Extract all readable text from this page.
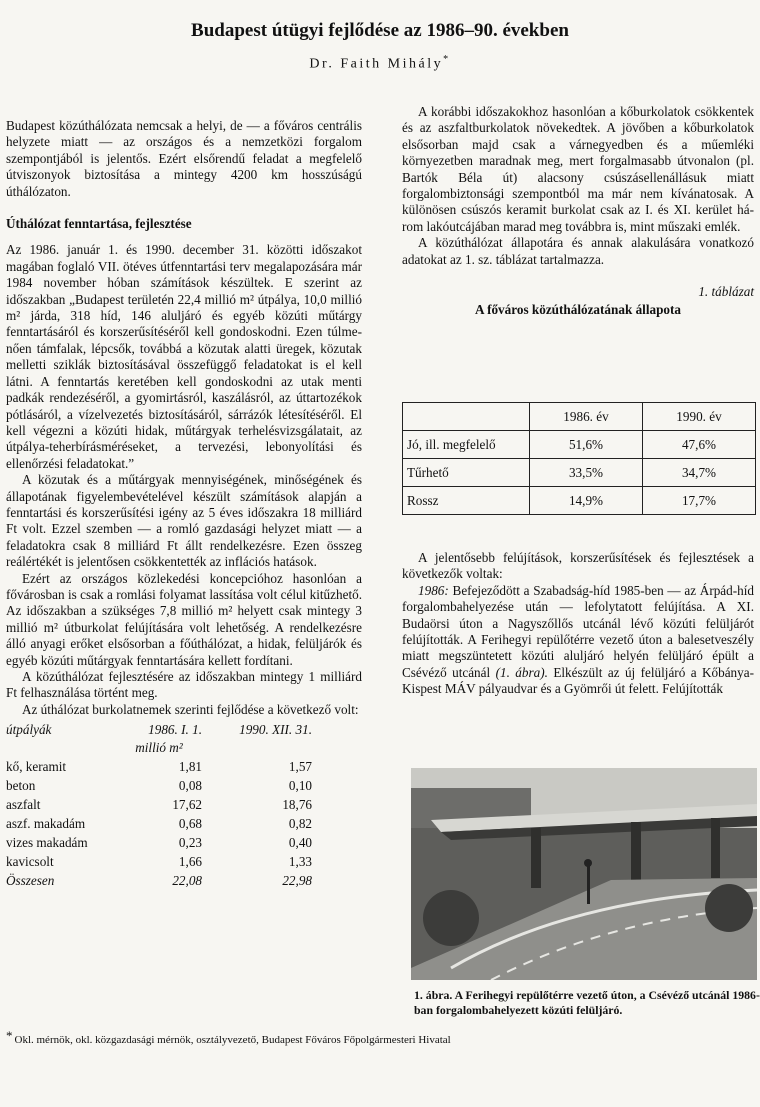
Budapest útügyi fejlődése az 1986–90. években
Dr. Faith Mihály*

Budapest közúthálózata nemcsak a helyi, de — a főváros centrális helyzete miatt — az országos és a nemzetközi forgalom szempontjából is jelentős. Ezért elsőrendű feladat a megfelelő útviszonyok biztosítása a mintegy 4200 km hosszúságú úthálózaton.

Úthálózat fenntartása, fejlesztése

Az 1986. január 1. és 1990. december 31. közötti időszakot magában foglaló VII. ötéves útfenntartási terv megalapozására már 1984 november hóban számítások készültek. E szerint az időszakban „Budapest területén 22,4 millió m² útpálya, 10,0 millió m² járda, 318 híd, 146 aluljáró és egyéb közúti műtárgy fenntartásáról és korszerűsítéséről kell gondoskodni. Ezen túlmenően támfalak, lépcsők, továbbá a közutak alatti üregek, közutak melletti sziklák biztosításával összefüggő feladatokat is el kell látni. A fenntartás keretében kell gondoskodni az utak menti padkák rendezéséről, a gyomirtásról, kaszálásról, az úttartozékok pótlásáról, a vízelvezetés biztosításáról, sárrázók létesítéséről. El kell végezni a közúti hidak, műtárgyak terhelésvizsgálatait, az útpálya-teherbírásméréseket, a tervezési, lebonyolítási és ellenőrzési feladatokat.”

A közutak és a műtárgyak mennyiségének, minőségének és állapotának figyelembevételével készült számítások alapján a fenntartási és korszerűsítési igény az 5 éves időszakra 18 milliárd Ft volt. Ezzel szemben — a romló gazdasági helyzet miatt — a feladatokra csak 8 milliárd Ft állt rendelkezésre. Ezen összeg reálértékét is jelentősen csökkentették az inflációs hatások.

Ezért az országos közlekedési koncepcióhoz hasonlóan a fővárosban is csak a romlási folyamat lassítása volt célul kitűzhető. Az időszakban a szükséges 7,8 millió m² helyett csak mintegy 3 millió m² útburkolat felújítására volt lehetőség. A rendelkezésre álló anyagi erőket elsősorban a főúthálózat, a hidak, felüljárók és egyéb közúti műtárgyak fenntartására kellett fordítani.

A közúthálózat fejlesztésére az időszakban mintegy 1 milliárd Ft felhasználása történt meg.

Az úthálózat burkolatnemek szerinti fejlődése a következő volt:

útpályák	1986. I. 1.	1990. XII. 31.
millió m²		
kő, keramit	1,81	1,57
beton	0,08	0,10
aszfalt	17,62	18,76
aszf. makadám	0,68	0,82
vizes makadám	0,23	0,40
kavicsolt	1,66	1,33
Összesen	22,08	22,98

A korábbi időszakokhoz hasonlóan a kőburkolatok csökkentek és az aszfaltburkolatok növekedtek. A jövőben a kőburkolatok elsősorban majd csak a várnegyedben és a műemléki környezetben maradnak meg, mert forgalmasabb útvonalon (pl. Bartók Béla út) alacsony csúszásellenállásuk miatt forgalombiztonsági szempontból ma már nem kívánatosak. A különösen csúszós keramit burkolat csak az I. és XI. kerület három lakóutcájában marad meg továbbra is, mint műszaki emlék.

A közúthálózat állapotára és annak alakulására vonatkozó adatokat az 1. sz. táblázat tartalmazza.

1. táblázat

A főváros közúthálózatának állapota

	1986. év	1990. év
Jó, ill. megfelelő	51,6%	47,6%
Tűrhető	33,5%	34,7%
Rossz	14,9%	17,7%

A jelentősebb felújítások, korszerűsítések és fejlesztések a következők voltak:

1986: Befejeződött a Szabadság-híd 1985-ben — az Árpád-híd forgalombahelyezése után — lefolytatott felújítása. A XI. Budaörsi úton a Nagyszőllős utcánál lévő közúti felüljárót felújították. A Ferihegyi repülőtérre vezető úton a balesetveszély miatt megszüntetett közúti aluljáró helyén felüljáró épült a Csévéző utcánál (1. ábra). Elkészült az új felüljáró a Kőbánya-Kispest MÁV pályaudvar és a Gyömrői út felett. Felújították

1. ábra. A Ferihegyi repülőtérre vezető úton, a Csévéző utcánál 1986-ban forgalombahelyezett közúti felüljáró.
* Okl. mérnök, okl. közgazdasági mérnök, osztályvezető, Budapest Főváros Főpolgármesteri Hivatal
